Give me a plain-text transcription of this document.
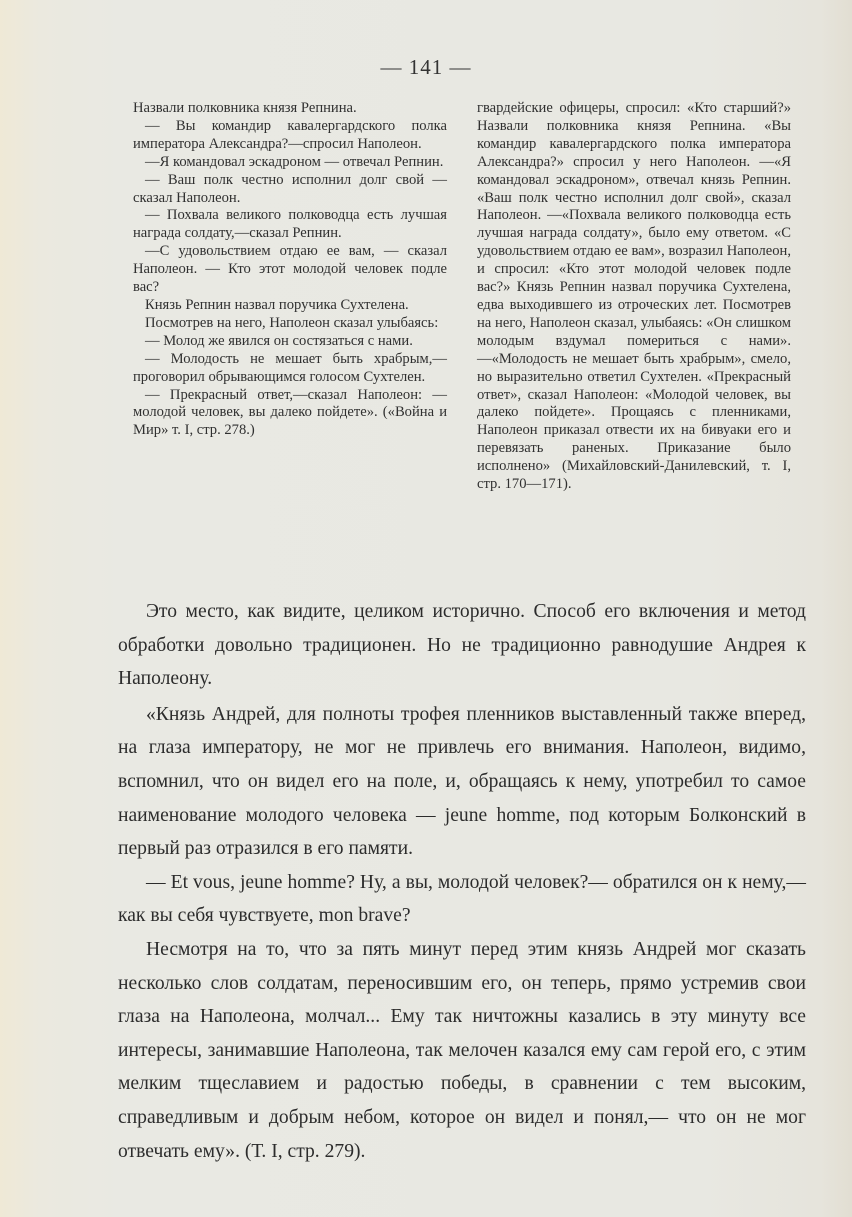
— 141 —

Назвали полковника князя Репнина.

— Вы командир кавалергардского полка императора Александра?—спросил Наполеон.

—Я командовал эскадроном — отвечал Репнин.

— Ваш полк честно исполнил долг свой — сказал Наполеон.

— Похвала великого полководца есть лучшая награда солдату,—сказал Репнин.

—С удовольствием отдаю ее вам, — сказал Наполеон. — Кто этот молодой человек подле вас?

Князь Репнин назвал поручика Сухтелена.

Посмотрев на него, Наполеон сказал улыбаясь:

— Молод же явился он состязаться с нами.

— Молодость не мешает быть храбрым,—проговорил обрывающимся голосом Сухтелен.

— Прекрасный ответ,—сказал Наполеон: — молодой человек, вы далеко пойдете». («Война и Мир» т. I, стр. 278.)

гвардейские офицеры, спросил: «Кто старший?» Назвали полковника князя Репнина. «Вы командир кавалергардского полка императора Александра?» спросил у него Наполеон. —«Я командовал эскадроном», отвечал князь Репнин. «Ваш полк честно исполнил долг свой», сказал Наполеон. —«Похвала великого полководца есть лучшая награда солдату», было ему ответом. «С удовольствием отдаю ее вам», возразил Наполеон, и спросил: «Кто этот молодой человек подле вас?» Князь Репнин назвал поручика Сухтелена, едва выходившего из отроческих лет. Посмотрев на него, Наполеон сказал, улыбаясь: «Он слишком молодым вздумал помериться с нами».—«Молодость не мешает быть храбрым», смело, но выразительно ответил Сухтелен. «Прекрасный ответ», сказал Наполеон: «Молодой человек, вы далеко пойдете». Прощаясь с пленниками, Наполеон приказал отвести их на бивуаки его и перевязать раненых. Приказание было исполнено» (Михайловский-Данилевский, т. I, стр. 170—171).

Это место, как видите, целиком исторично. Способ его включения и метод обработки довольно традиционен. Но не традиционно равнодушие Андрея к Наполеону.

«Князь Андрей, для полноты трофея пленников выставленный также вперед, на глаза императору, не мог не привлечь его внимания. Наполеон, видимо, вспомнил, что он видел его на поле, и, обращаясь к нему, употребил то самое наименование молодого человека — jeune homme, под которым Болконский в первый раз отразился в его памяти.

— Et vous, jeune homme? Ну, а вы, молодой человек?— обратился он к нему,— как вы себя чувствуете, mon brave?

Несмотря на то, что за пять минут перед этим князь Андрей мог сказать несколько слов солдатам, переносившим его, он теперь, прямо устремив свои глаза на Наполеона, молчал... Ему так ничтожны казались в эту минуту все интересы, занимавшие Наполеона, так мелочен казался ему сам герой его, с этим мелким тщеславием и радостью победы, в сравнении с тем высоким, справедливым и добрым небом, которое он видел и понял,— что он не мог отвечать ему». (Т. I, стр. 279).
